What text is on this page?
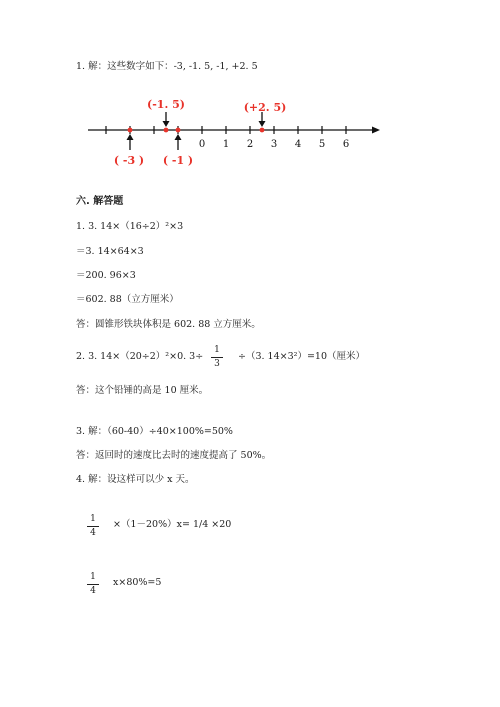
1. 解：这些数字如下：-3, -1. 5, -1, +2. 5
0 1 2 3 4 5 6
(-1. 5)	(+2. 5)
( -3 ) ( -1 )
六. 解答题
1. 3. 14×（16÷2）²×3
＝3. 14×64×3
＝200. 96×3
＝602. 88（立方厘米）
答：圆锥形铁块体积是 602. 88 立方厘米。
2. 3. 14×（20÷2）²×0. 3÷
1
3
÷（3. 14×3²）=10（厘米）
答：这个铅锤的高是 10 厘米。
3. 解：（60-40）÷40×100%=50%
答：返回时的速度比去时的速度提高了 50%。
4. 解：设这样可以少 x 天。
1
4
×（1－20%）x= 1/4 ×20
1
4
x×80%=5
